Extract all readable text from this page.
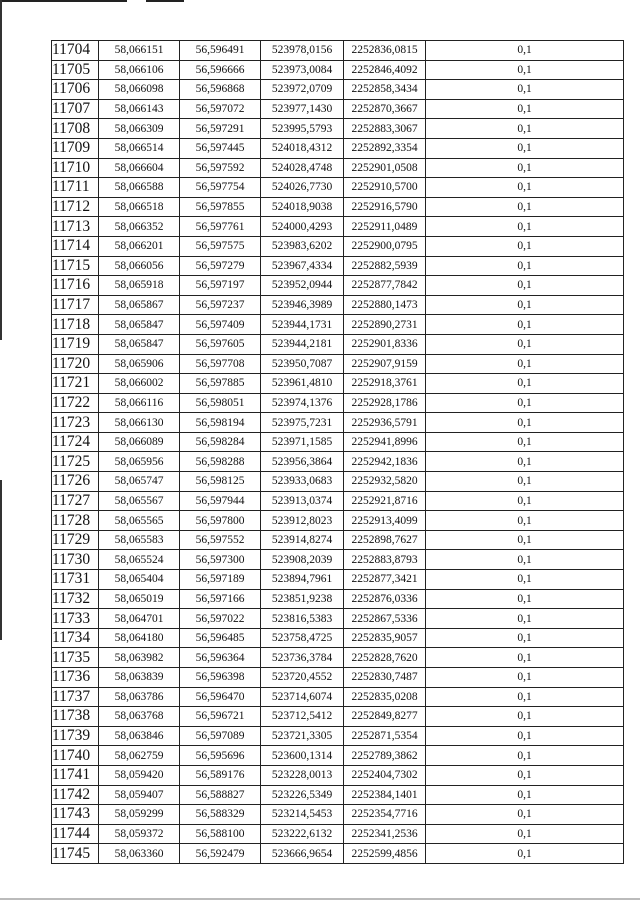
11704	58,066151	56,596491	523978,0156	2252836,0815	0,1
11705	58,066106	56,596666	523973,0084	2252846,4092	0,1
11706	58,066098	56,596868	523972,0709	2252858,3434	0,1
11707	58,066143	56,597072	523977,1430	2252870,3667	0,1
11708	58,066309	56,597291	523995,5793	2252883,3067	0,1
11709	58,066514	56,597445	524018,4312	2252892,3354	0,1
11710	58,066604	56,597592	524028,4748	2252901,0508	0,1
11711	58,066588	56,597754	524026,7730	2252910,5700	0,1
11712	58,066518	56,597855	524018,9038	2252916,5790	0,1
11713	58,066352	56,597761	524000,4293	2252911,0489	0,1
11714	58,066201	56,597575	523983,6202	2252900,0795	0,1
11715	58,066056	56,597279	523967,4334	2252882,5939	0,1
11716	58,065918	56,597197	523952,0944	2252877,7842	0,1
11717	58,065867	56,597237	523946,3989	2252880,1473	0,1
11718	58,065847	56,597409	523944,1731	2252890,2731	0,1
11719	58,065847	56,597605	523944,2181	2252901,8336	0,1
11720	58,065906	56,597708	523950,7087	2252907,9159	0,1
11721	58,066002	56,597885	523961,4810	2252918,3761	0,1
11722	58,066116	56,598051	523974,1376	2252928,1786	0,1
11723	58,066130	56,598194	523975,7231	2252936,5791	0,1
11724	58,066089	56,598284	523971,1585	2252941,8996	0,1
11725	58,065956	56,598288	523956,3864	2252942,1836	0,1
11726	58,065747	56,598125	523933,0683	2252932,5820	0,1
11727	58,065567	56,597944	523913,0374	2252921,8716	0,1
11728	58,065565	56,597800	523912,8023	2252913,4099	0,1
11729	58,065583	56,597552	523914,8274	2252898,7627	0,1
11730	58,065524	56,597300	523908,2039	2252883,8793	0,1
11731	58,065404	56,597189	523894,7961	2252877,3421	0,1
11732	58,065019	56,597166	523851,9238	2252876,0336	0,1
11733	58,064701	56,597022	523816,5383	2252867,5336	0,1
11734	58,064180	56,596485	523758,4725	2252835,9057	0,1
11735	58,063982	56,596364	523736,3784	2252828,7620	0,1
11736	58,063839	56,596398	523720,4552	2252830,7487	0,1
11737	58,063786	56,596470	523714,6074	2252835,0208	0,1
11738	58,063768	56,596721	523712,5412	2252849,8277	0,1
11739	58,063846	56,597089	523721,3305	2252871,5354	0,1
11740	58,062759	56,595696	523600,1314	2252789,3862	0,1
11741	58,059420	56,589176	523228,0013	2252404,7302	0,1
11742	58,059407	56,588827	523226,5349	2252384,1401	0,1
11743	58,059299	56,588329	523214,5453	2252354,7716	0,1
11744	58,059372	56,588100	523222,6132	2252341,2536	0,1
11745	58,063360	56,592479	523666,9654	2252599,4856	0,1
